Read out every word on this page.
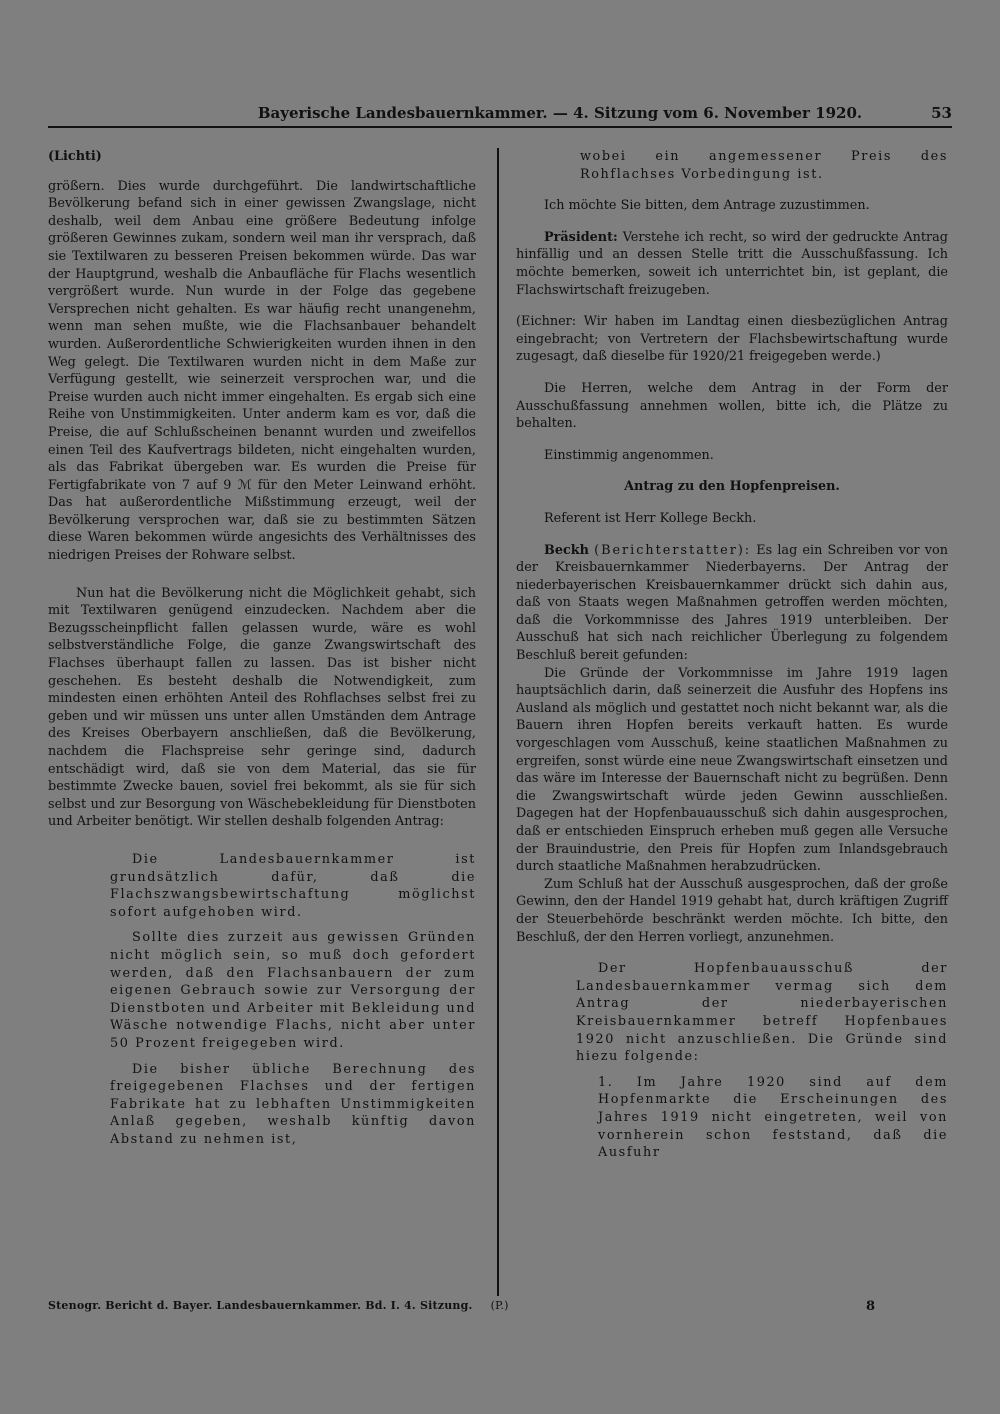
Bayerische Landesbauernkammer. — 4. Sitzung vom 6. November 1920.	53

(Lichti)

größern. Dies wurde durchgeführt. Die landwirtschaftliche Bevölkerung befand sich in einer gewissen Zwangslage, nicht deshalb, weil dem Anbau eine größere Bedeutung infolge größeren Gewinnes zukam, sondern weil man ihr versprach, daß sie Textilwaren zu besseren Preisen bekommen würde. Das war der Hauptgrund, weshalb die Anbaufläche für Flachs wesentlich vergrößert wurde. Nun wurde in der Folge das gegebene Versprechen nicht gehalten. Es war häufig recht unangenehm, wenn man sehen mußte, wie die Flachsanbauer behandelt wurden. Außerordentliche Schwierigkeiten wurden ihnen in den Weg gelegt. Die Textilwaren wurden nicht in dem Maße zur Verfügung gestellt, wie seinerzeit versprochen war, und die Preise wurden auch nicht immer eingehalten. Es ergab sich eine Reihe von Unstimmigkeiten. Unter anderm kam es vor, daß die Preise, die auf Schlußscheinen benannt wurden und zweifellos einen Teil des Kaufvertrags bildeten, nicht eingehalten wurden, als das Fabrikat übergeben war. Es wurden die Preise für Fertigfabrikate von 7 auf 9 ℳ für den Meter Leinwand erhöht. Das hat außerordentliche Mißstimmung erzeugt, weil der Bevölkerung versprochen war, daß sie zu bestimmten Sätzen diese Waren bekommen würde angesichts des Verhältnisses des niedrigen Preises der Rohware selbst.

Nun hat die Bevölkerung nicht die Möglichkeit gehabt, sich mit Textilwaren genügend einzudecken. Nachdem aber die Bezugsscheinpflicht fallen gelassen wurde, wäre es wohl selbstverständliche Folge, die ganze Zwangswirtschaft des Flachses überhaupt fallen zu lassen. Das ist bisher nicht geschehen. Es besteht deshalb die Notwendigkeit, zum mindesten einen erhöhten Anteil des Rohflachses selbst frei zu geben und wir müssen uns unter allen Umständen dem Antrage des Kreises Oberbayern anschließen, daß die Bevölkerung, nachdem die Flachspreise sehr geringe sind, dadurch entschädigt wird, daß sie von dem Material, das sie für bestimmte Zwecke bauen, soviel frei bekommt, als sie für sich selbst und zur Besorgung von Wäschebekleidung für Dienstboten und Arbeiter benötigt. Wir stellen deshalb folgenden Antrag:

Die Landesbauernkammer ist grundsätzlich dafür, daß die Flachszwangsbewirtschaftung möglichst sofort aufgehoben wird.

Sollte dies zurzeit aus gewissen Gründen nicht möglich sein, so muß doch gefordert werden, daß den Flachsanbauern der zum eigenen Gebrauch sowie zur Versorgung der Dienstboten und Arbeiter mit Bekleidung und Wäsche notwendige Flachs, nicht aber unter 50 Prozent freigegeben wird.

Die bisher übliche Berechnung des freigegebenen Flachses und der fertigen Fabrikate hat zu lebhaften Unstimmigkeiten Anlaß gegeben, weshalb künftig davon Abstand zu nehmen ist,

wobei ein angemessener Preis des Rohflachses Vorbedingung ist.

Ich möchte Sie bitten, dem Antrage zuzustimmen.

Präsident: Verstehe ich recht, so wird der gedruckte Antrag hinfällig und an dessen Stelle tritt die Ausschußfassung. Ich möchte bemerken, soweit ich unterrichtet bin, ist geplant, die Flachswirtschaft freizugeben.

(Eichner: Wir haben im Landtag einen diesbezüglichen Antrag eingebracht; von Vertretern der Flachsbewirtschaftung wurde zugesagt, daß dieselbe für 1920/21 freigegeben werde.)

Die Herren, welche dem Antrag in der Form der Ausschußfassung annehmen wollen, bitte ich, die Plätze zu behalten.

Einstimmig angenommen.

Antrag zu den Hopfenpreisen.

Referent ist Herr Kollege Beckh.

Beckh (Berichterstatter): Es lag ein Schreiben vor von der Kreisbauernkammer Niederbayerns. Der Antrag der niederbayerischen Kreisbauernkammer drückt sich dahin aus, daß von Staats wegen Maßnahmen getroffen werden möchten, daß die Vorkommnisse des Jahres 1919 unterbleiben. Der Ausschuß hat sich nach reichlicher Überlegung zu folgendem Beschluß bereit gefunden:

Die Gründe der Vorkommnisse im Jahre 1919 lagen hauptsächlich darin, daß seinerzeit die Ausfuhr des Hopfens ins Ausland als möglich und gestattet noch nicht bekannt war, als die Bauern ihren Hopfen bereits verkauft hatten. Es wurde vorgeschlagen vom Ausschuß, keine staatlichen Maßnahmen zu ergreifen, sonst würde eine neue Zwangswirtschaft einsetzen und das wäre im Interesse der Bauernschaft nicht zu begrüßen. Denn die Zwangswirtschaft würde jeden Gewinn ausschließen. Dagegen hat der Hopfenbauausschuß sich dahin ausgesprochen, daß er entschieden Einspruch erheben muß gegen alle Versuche der Brauindustrie, den Preis für Hopfen zum Inlandsgebrauch durch staatliche Maßnahmen herabzudrücken.

Zum Schluß hat der Ausschuß ausgesprochen, daß der große Gewinn, den der Handel 1919 gehabt hat, durch kräftigen Zugriff der Steuerbehörde beschränkt werden möchte. Ich bitte, den Beschluß, der den Herren vorliegt, anzunehmen.

Der Hopfenbauausschuß der Landesbauernkammer vermag sich dem Antrag der niederbayerischen Kreisbauernkammer betreff Hopfenbaues 1920 nicht anzuschließen. Die Gründe sind hiezu folgende:

1. Im Jahre 1920 sind auf dem Hopfenmarkte die Erscheinungen des Jahres 1919 nicht eingetreten, weil von vornherein schon feststand, daß die Ausfuhr

Stenogr. Bericht d. Bayer. Landesbauernkammer. Bd. I. 4. Sitzung. (P.)	8
